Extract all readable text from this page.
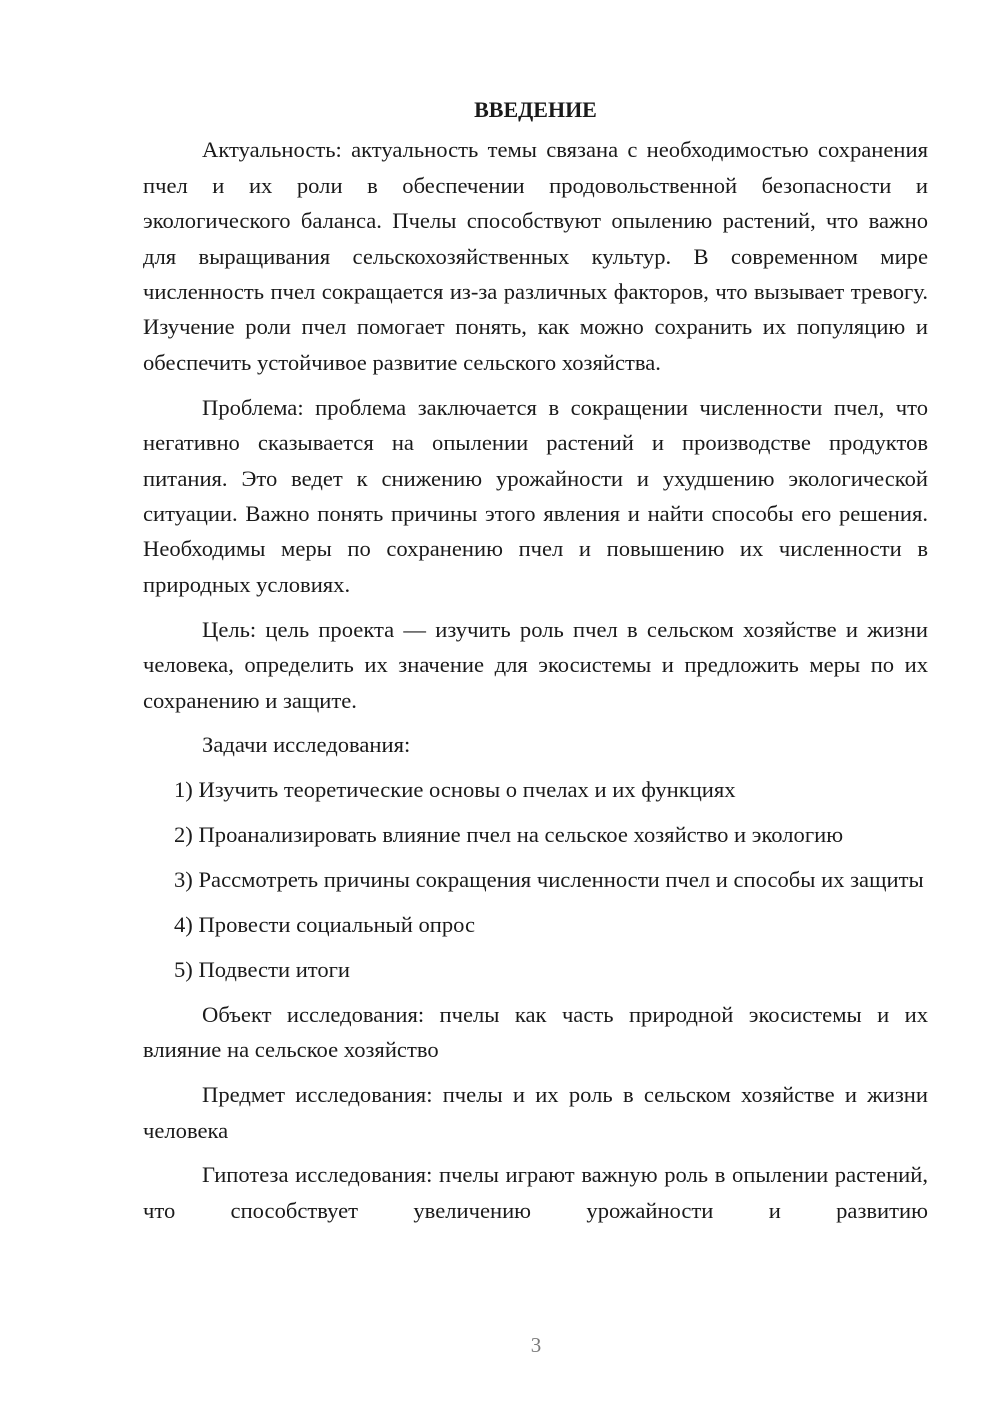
ВВЕДЕНИЕ

Актуальность: актуальность темы связана с необходимостью сохранения пчел и их роли в обеспечении продовольственной безопасности и экологического баланса. Пчелы способствуют опылению растений, что важно для выращивания сельскохозяйственных культур. В современном мире численность пчел сокращается из-за различных факторов, что вызывает тревогу. Изучение роли пчел помогает понять, как можно сохранить их популяцию и обеспечить устойчивое развитие сельского хозяйства.

Проблема: проблема заключается в сокращении численности пчел, что негативно сказывается на опылении растений и производстве продуктов питания. Это ведет к снижению урожайности и ухудшению экологической ситуации. Важно понять причины этого явления и найти способы его решения. Необходимы меры по сохранению пчел и повышению их численности в природных условиях.

Цель: цель проекта — изучить роль пчел в сельском хозяйстве и жизни человека, определить их значение для экосистемы и предложить меры по их сохранению и защите.

Задачи исследования:

1) Изучить теоретические основы о пчелах и их функциях

2) Проанализировать влияние пчел на сельское хозяйство и экологию

3) Рассмотреть причины сокращения численности пчел и способы их защиты

4) Провести социальный опрос

5) Подвести итоги

Объект исследования: пчелы как часть природной экосистемы и их влияние на сельское хозяйство

Предмет исследования: пчелы и их роль в сельском хозяйстве и жизни человека

Гипотеза исследования: пчелы играют важную роль в опылении растений, что способствует увеличению урожайности и развитию

3
